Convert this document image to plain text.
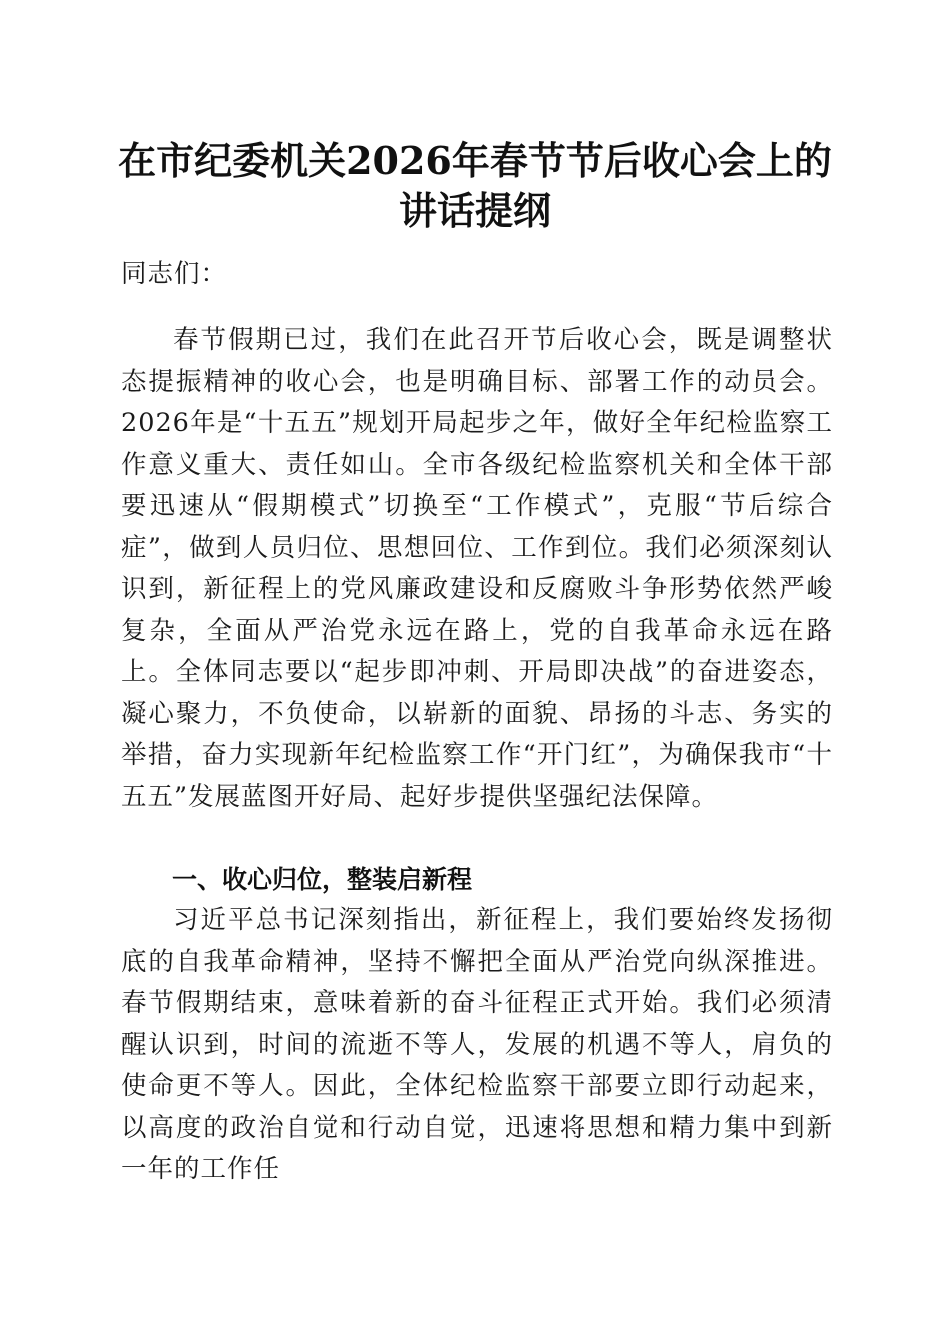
在市纪委机关2026年春节节后收心会上的讲话提纲

同志们：

春节假期已过，我们在此召开节后收心会，既是调整状态提振精神的收心会，也是明确目标、部署工作的动员会。2026年是“十五五”规划开局起步之年，做好全年纪检监察工作意义重大、责任如山。全市各级纪检监察机关和全体干部要迅速从“假期模式”切换至“工作模式”，克服“节后综合症”，做到人员归位、思想回位、工作到位。我们必须深刻认识到，新征程上的党风廉政建设和反腐败斗争形势依然严峻复杂，全面从严治党永远在路上，党的自我革命永远在路上。全体同志要以“起步即冲刺、开局即决战”的奋进姿态，凝心聚力，不负使命，以崭新的面貌、昂扬的斗志、务实的举措，奋力实现新年纪检监察工作“开门红”，为确保我市“十五五”发展蓝图开好局、起好步提供坚强纪法保障。

一、收心归位，整装启新程

习近平总书记深刻指出，新征程上，我们要始终发扬彻底的自我革命精神，坚持不懈把全面从严治党向纵深推进。春节假期结束，意味着新的奋斗征程正式开始。我们必须清醒认识到，时间的流逝不等人，发展的机遇不等人，肩负的使命更不等人。因此，全体纪检监察干部要立即行动起来，以高度的政治自觉和行动自觉，迅速将思想和精力集中到新一年的工作任
